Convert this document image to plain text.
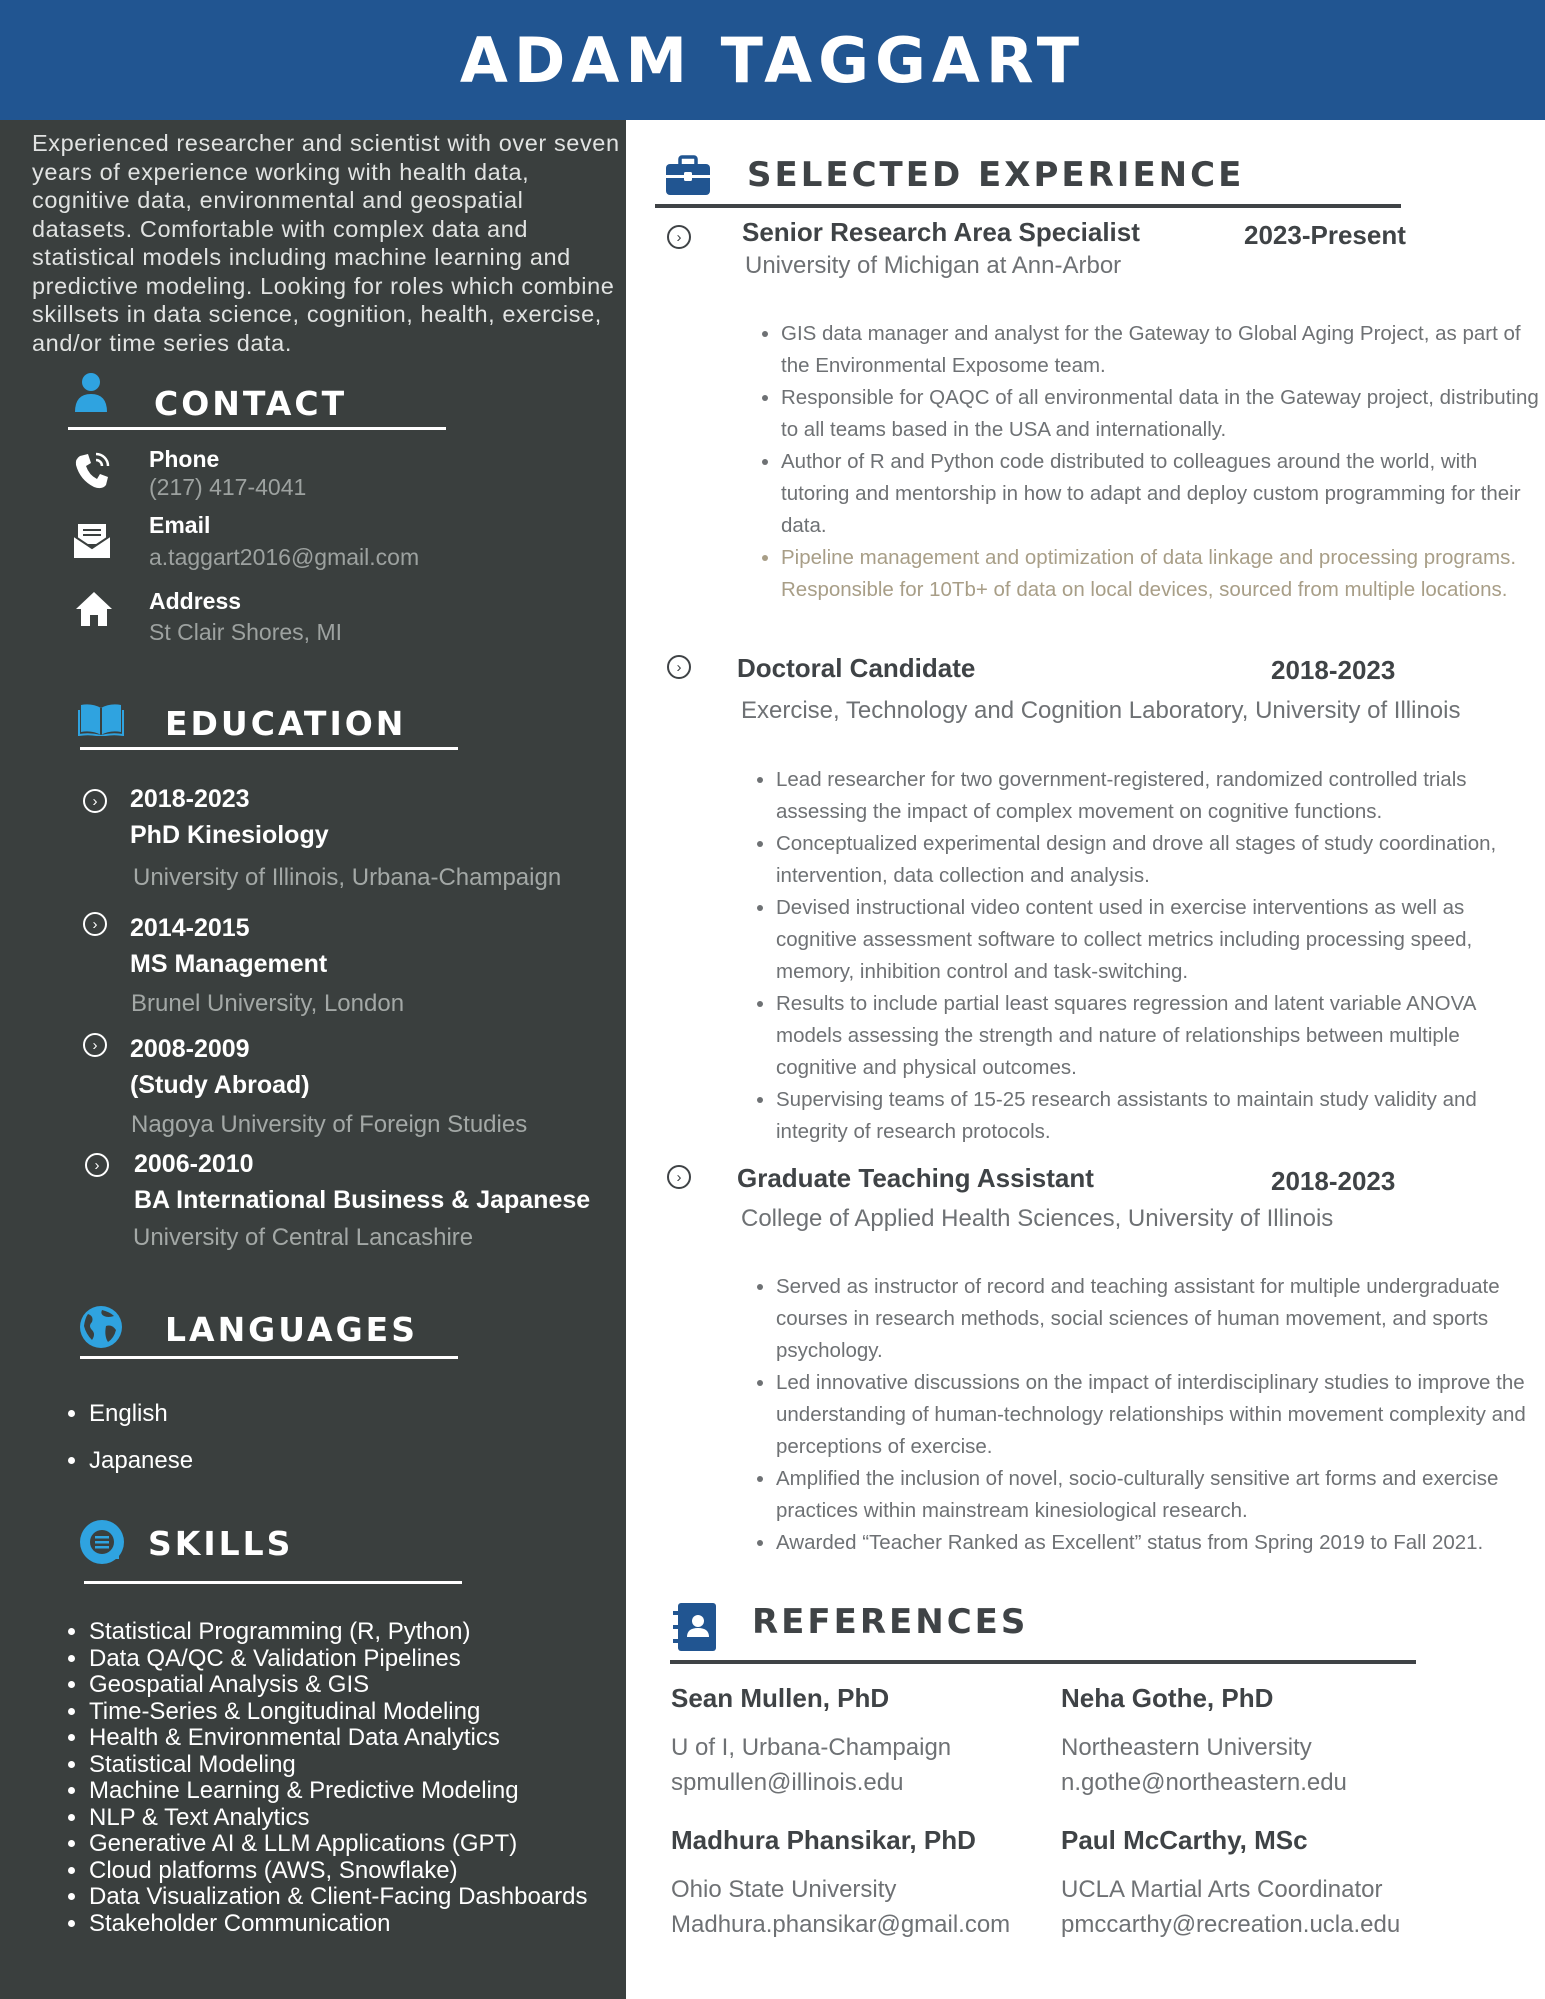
ADAM TAGGART

Experienced researcher and scientist with over seven years of experience working with health data, cognitive data, environmental and geospatial datasets. Comfortable with complex data and statistical models including machine learning and predictive modeling. Looking for roles which combine skillsets in data science, cognition, health, exercise, and/or time series data.

CONTACT

Phone

(217) 417-4041

Email

a.taggart2016@gmail.com

Address

St Clair Shores, MI

EDUCATION
›	2018-2023

PhD Kinesiology

University of Illinois, Urbana-Champaign

›	2014-2015

MS Management

Brunel University, London

›	2008-2009

(Study Abroad)

Nagoya University of Foreign Studies

›	2006-2010

BA International Business & Japanese

University of Central Lancashire

LANGUAGES
• English
• Japanese
SKILLS
• Statistical Programming (R, Python)
• Data QA/QC & Validation Pipelines
• Geospatial Analysis & GIS
• Time-Series & Longitudinal Modeling
• Health & Environmental Data Analytics
• Statistical Modeling
• Machine Learning & Predictive Modeling
• NLP & Text Analytics
• Generative AI & LLM Applications (GPT)
• Cloud platforms (AWS, Snowflake)
• Data Visualization & Client-Facing Dashboards
• Stakeholder Communication
SELECTED EXPERIENCE
›	Senior Research Area Specialist	2023-Present

University of Michigan at Ann-Arbor

• GIS data manager and analyst for the Gateway to Global Aging Project, as part of the Environmental Exposome team.
• Responsible for QAQC of all environmental data in the Gateway project, distributing to all teams based in the USA and internationally.
• Author of R and Python code distributed to colleagues around the world, with tutoring and mentorship in how to adapt and deploy custom programming for their data.
• Pipeline management and optimization of data linkage and processing programs. Responsible for 10Tb+ of data on local devices, sourced from multiple locations.
›	Doctoral Candidate	2018-2023

Exercise, Technology and Cognition Laboratory, University of Illinois

• Lead researcher for two government-registered, randomized controlled trials assessing the impact of complex movement on cognitive functions.
• Conceptualized experimental design and drove all stages of study coordination, intervention, data collection and analysis.
• Devised instructional video content used in exercise interventions as well as cognitive assessment software to collect metrics including processing speed, memory, inhibition control and task-switching.
• Results to include partial least squares regression and latent variable ANOVA models assessing the strength and nature of relationships between multiple cognitive and physical outcomes.
• Supervising teams of 15-25 research assistants to maintain study validity and integrity of research protocols.
›	Graduate Teaching Assistant	2018-2023

College of Applied Health Sciences, University of Illinois

• Served as instructor of record and teaching assistant for multiple undergraduate courses in research methods, social sciences of human movement, and sports psychology.
• Led innovative discussions on the impact of interdisciplinary studies to improve the understanding of human-technology relationships within movement complexity and perceptions of exercise.
• Amplified the inclusion of novel, socio-culturally sensitive art forms and exercise practices within mainstream kinesiological research.
• Awarded “Teacher Ranked as Excellent” status from Spring 2019 to Fall 2021.
REFERENCES

Sean Mullen, PhD

U of I, Urbana-Champaign

spmullen@illinois.edu

Neha Gothe, PhD

Northeastern University

n.gothe@northeastern.edu

Madhura Phansikar, PhD

Ohio State University

Madhura.phansikar@gmail.com

Paul McCarthy, MSc

UCLA Martial Arts Coordinator

pmccarthy@recreation.ucla.edu
